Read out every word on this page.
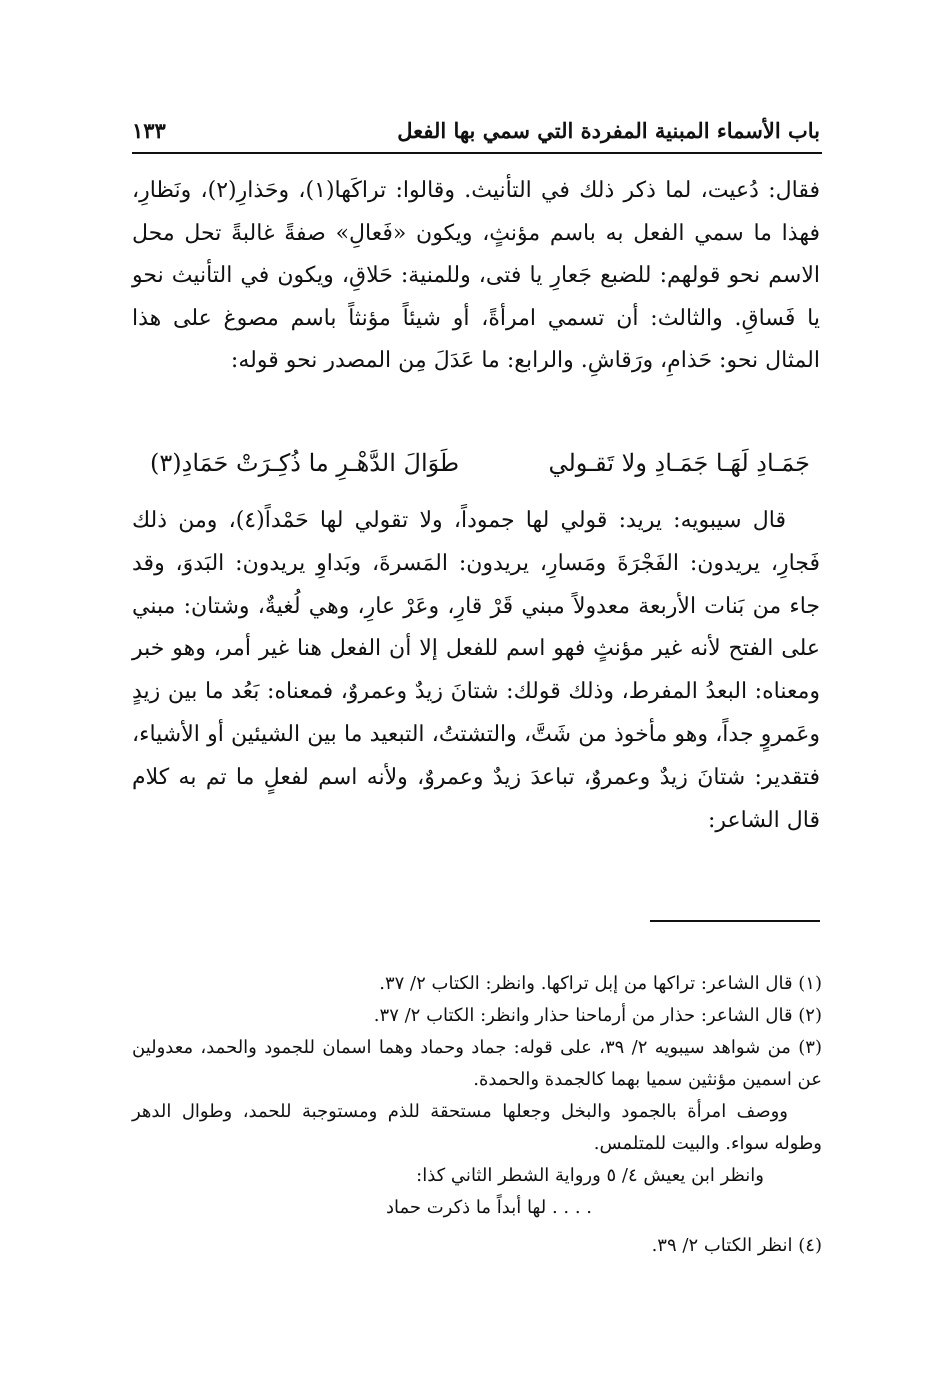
باب الأسماء المبنية المفردة التي سمي بها الفعل
١٣٣

فقال: دُعيت، لما ذكر ذلك في التأنيث. وقالوا: تراكَها(١)، وحَذارِ(٢)، ونَظارِ، فهذا ما سمي الفعل به باسم مؤنثٍ، ويكون «فَعالِ» صفةً غالبةً تحل محل الاسم نحو قولهم: للضبع جَعارِ يا فتى، وللمنية: حَلاقِ، ويكون في التأنيث نحو يا فَساقِ. والثالث: أن تسمي امرأةً، أو شيئاً مؤنثاً باسم مصوغ على هذا المثال نحو: حَذامِ، ورَقاشِ. والرابع: ما عَدَلَ مِن المصدر نحو قوله:

جَمَـادِ لَهَـا جَمَـادِ ولا تَقـولي
طَوَالَ الدَّهْـرِ ما ذُكِـرَتْ حَمَادِ(٣)

قال سيبويه: يريد: قولي لها جموداً، ولا تقولي لها حَمْداً(٤)، ومن ذلك فَجارِ، يريدون: الفَجْرَةَ ومَسارِ، يريدون: المَسرةَ، وبَداوِ يريدون: البَدوَ، وقد جاء من بَنات الأربعة معدولاً مبني قَرْ قارِ، وعَرْ عارِ، وهي لُغيةٌ، وشتان: مبني على الفتح لأنه غير مؤنثٍ فهو اسم للفعل إلا أن الفعل هنا غير أمر، وهو خبر ومعناه: البعدُ المفرط، وذلك قولك: شتانَ زيدٌ وعمروٌ، فمعناه: بَعُد ما بين زيدٍ وعَمروٍ جداً، وهو مأخوذ من شَتَّ، والتشتتُ، التبعيد ما بين الشيئين أو الأشياء، فتقدير: شتانَ زيدٌ وعمروٌ، تباعدَ زيدٌ وعمروٌ، ولأنه اسم لفعلٍ ما تم به كلام قال الشاعر:

(١) قال الشاعر: تراكها من إبل تراكها. وانظر: الكتاب ٢/ ٣٧.

(٢) قال الشاعر: حذار من أرماحنا حذار وانظر: الكتاب ٢/ ٣٧.

(٣) من شواهد سيبويه ٢/ ٣٩، على قوله: جماد وحماد وهما اسمان للجمود والحمد، معدولين عن اسمين مؤنثين سميا بهما كالجمدة والحمدة.

ووصف امرأة بالجمود والبخل وجعلها مستحقة للذم ومستوجبة للحمد، وطوال الدهر وطوله سواء. والبيت للمتلمس.

وانظر ابن يعيش ٤/ ٥ ورواية الشطر الثاني كذا:

. . . . لها أبداً ما ذكرت حماد

(٤) انظر الكتاب ٢/ ٣٩.
